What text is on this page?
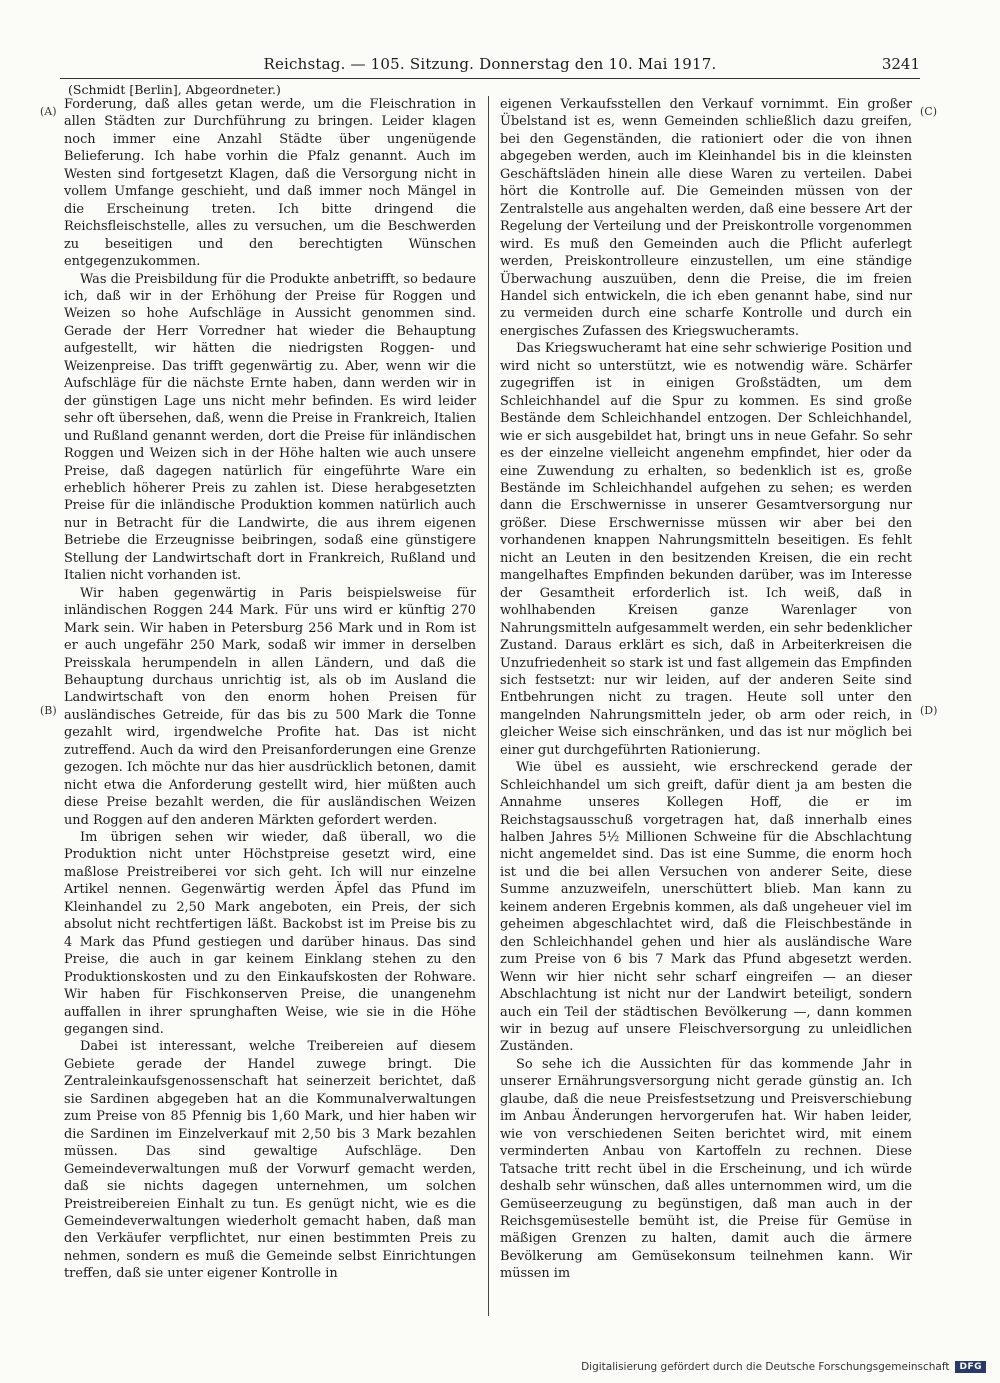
Reichstag. — 105. Sitzung. Donnerstag den 10. Mai 1917.	3241
(Schmidt [Berlin], Abgeordneter.)
(A)
(B)
(C)
(D)

Forderung, daß alles getan werde, um die Fleischration in allen Städten zur Durchführung zu bringen. Leider klagen noch immer eine Anzahl Städte über ungenügende Belieferung. Ich habe vorhin die Pfalz genannt. Auch im Westen sind fortgesetzt Klagen, daß die Versorgung nicht in vollem Umfange geschieht, und daß immer noch Mängel in die Erscheinung treten. Ich bitte dringend die Reichsfleischstelle, alles zu versuchen, um die Beschwerden zu beseitigen und den berechtigten Wünschen entgegenzukommen.

Was die Preisbildung für die Produkte anbetrifft, so bedaure ich, daß wir in der Erhöhung der Preise für Roggen und Weizen so hohe Aufschläge in Aussicht genommen sind. Gerade der Herr Vorredner hat wieder die Behauptung aufgestellt, wir hätten die niedrigsten Roggen- und Weizenpreise. Das trifft gegenwärtig zu. Aber, wenn wir die Aufschläge für die nächste Ernte haben, dann werden wir in der günstigen Lage uns nicht mehr befinden. Es wird leider sehr oft übersehen, daß, wenn die Preise in Frankreich, Italien und Rußland genannt werden, dort die Preise für inländischen Roggen und Weizen sich in der Höhe halten wie auch unsere Preise, daß dagegen natürlich für eingeführte Ware ein erheblich höherer Preis zu zahlen ist. Diese herabgesetzten Preise für die inländische Produktion kommen natürlich auch nur in Betracht für die Landwirte, die aus ihrem eigenen Betriebe die Erzeugnisse beibringen, sodaß eine günstigere Stellung der Landwirtschaft dort in Frankreich, Rußland und Italien nicht vorhanden ist.

Wir haben gegenwärtig in Paris beispielsweise für inländischen Roggen 244 Mark. Für uns wird er künftig 270 Mark sein. Wir haben in Petersburg 256 Mark und in Rom ist er auch ungefähr 250 Mark, sodaß wir immer in derselben Preisskala herumpendeln in allen Ländern, und daß die Behauptung durchaus unrichtig ist, als ob im Ausland die Landwirtschaft von den enorm hohen Preisen für ausländisches Getreide, für das bis zu 500 Mark die Tonne gezahlt wird, irgendwelche Profite hat. Das ist nicht zutreffend. Auch da wird den Preisanforderungen eine Grenze gezogen. Ich möchte nur das hier ausdrücklich betonen, damit nicht etwa die Anforderung gestellt wird, hier müßten auch diese Preise bezahlt werden, die für ausländischen Weizen und Roggen auf den anderen Märkten gefordert werden.

Im übrigen sehen wir wieder, daß überall, wo die Produktion nicht unter Höchstpreise gesetzt wird, eine maßlose Preistreiberei vor sich geht. Ich will nur einzelne Artikel nennen. Gegenwärtig werden Äpfel das Pfund im Kleinhandel zu 2,50 Mark angeboten, ein Preis, der sich absolut nicht rechtfertigen läßt. Backobst ist im Preise bis zu 4 Mark das Pfund gestiegen und darüber hinaus. Das sind Preise, die auch in gar keinem Einklang stehen zu den Produktionskosten und zu den Einkaufskosten der Rohware. Wir haben für Fischkonserven Preise, die unangenehm auffallen in ihrer sprunghaften Weise, wie sie in die Höhe gegangen sind.

Dabei ist interessant, welche Treibereien auf diesem Gebiete gerade der Handel zuwege bringt. Die Zentraleinkaufsgenossenschaft hat seinerzeit berichtet, daß sie Sardinen abgegeben hat an die Kommunalverwaltungen zum Preise von 85 Pfennig bis 1,60 Mark, und hier haben wir die Sardinen im Einzelverkauf mit 2,50 bis 3 Mark bezahlen müssen. Das sind gewaltige Aufschläge. Den Gemeindeverwaltungen muß der Vorwurf gemacht werden, daß sie nichts dagegen unternehmen, um solchen Preistreibereien Einhalt zu tun. Es genügt nicht, wie es die Gemeindeverwaltungen wiederholt gemacht haben, daß man den Verkäufer verpflichtet, nur einen bestimmten Preis zu nehmen, sondern es muß die Gemeinde selbst Einrichtungen treffen, daß sie unter eigener Kontrolle in

eigenen Verkaufsstellen den Verkauf vornimmt. Ein großer Übelstand ist es, wenn Gemeinden schließlich dazu greifen, bei den Gegenständen, die rationiert oder die von ihnen abgegeben werden, auch im Kleinhandel bis in die kleinsten Geschäftsläden hinein alle diese Waren zu verteilen. Dabei hört die Kontrolle auf. Die Gemeinden müssen von der Zentralstelle aus angehalten werden, daß eine bessere Art der Regelung der Verteilung und der Preiskontrolle vorgenommen wird. Es muß den Gemeinden auch die Pflicht auferlegt werden, Preiskontrolleure einzustellen, um eine ständige Überwachung auszuüben, denn die Preise, die im freien Handel sich entwickeln, die ich eben genannt habe, sind nur zu vermeiden durch eine scharfe Kontrolle und durch ein energisches Zufassen des Kriegswucheramts.

Das Kriegswucheramt hat eine sehr schwierige Position und wird nicht so unterstützt, wie es notwendig wäre. Schärfer zugegriffen ist in einigen Großstädten, um dem Schleichhandel auf die Spur zu kommen. Es sind große Bestände dem Schleichhandel entzogen. Der Schleichhandel, wie er sich ausgebildet hat, bringt uns in neue Gefahr. So sehr es der einzelne vielleicht angenehm empfindet, hier oder da eine Zuwendung zu erhalten, so bedenklich ist es, große Bestände im Schleichhandel aufgehen zu sehen; es werden dann die Erschwernisse in unserer Gesamtversorgung nur größer. Diese Erschwernisse müssen wir aber bei den vorhandenen knappen Nahrungsmitteln beseitigen. Es fehlt nicht an Leuten in den besitzenden Kreisen, die ein recht mangelhaftes Empfinden bekunden darüber, was im Interesse der Gesamtheit erforderlich ist. Ich weiß, daß in wohlhabenden Kreisen ganze Warenlager von Nahrungsmitteln aufgesammelt werden, ein sehr bedenklicher Zustand. Daraus erklärt es sich, daß in Arbeiterkreisen die Unzufriedenheit so stark ist und fast allgemein das Empfinden sich festsetzt: nur wir leiden, auf der anderen Seite sind Entbehrungen nicht zu tragen. Heute soll unter den mangelnden Nahrungsmitteln jeder, ob arm oder reich, in gleicher Weise sich einschränken, und das ist nur möglich bei einer gut durchgeführten Rationierung.

Wie übel es aussieht, wie erschreckend gerade der Schleichhandel um sich greift, dafür dient ja am besten die Annahme unseres Kollegen Hoff, die er im Reichstagsausschuß vorgetragen hat, daß innerhalb eines halben Jahres 5½ Millionen Schweine für die Abschlachtung nicht angemeldet sind. Das ist eine Summe, die enorm hoch ist und die bei allen Versuchen von anderer Seite, diese Summe anzuzweifeln, unerschüttert blieb. Man kann zu keinem anderen Ergebnis kommen, als daß ungeheuer viel im geheimen abgeschlachtet wird, daß die Fleischbestände in den Schleichhandel gehen und hier als ausländische Ware zum Preise von 6 bis 7 Mark das Pfund abgesetzt werden. Wenn wir hier nicht sehr scharf eingreifen — an dieser Abschlachtung ist nicht nur der Landwirt beteiligt, sondern auch ein Teil der städtischen Bevölkerung —, dann kommen wir in bezug auf unsere Fleischversorgung zu unleidlichen Zuständen.

So sehe ich die Aussichten für das kommende Jahr in unserer Ernährungsversorgung nicht gerade günstig an. Ich glaube, daß die neue Preisfestsetzung und Preisverschiebung im Anbau Änderungen hervorgerufen hat. Wir haben leider, wie von verschiedenen Seiten berichtet wird, mit einem verminderten Anbau von Kartoffeln zu rechnen. Diese Tatsache tritt recht übel in die Erscheinung, und ich würde deshalb sehr wünschen, daß alles unternommen wird, um die Gemüseerzeugung zu begünstigen, daß man auch in der Reichsgemüsestelle bemüht ist, die Preise für Gemüse in mäßigen Grenzen zu halten, damit auch die ärmere Bevölkerung am Gemüsekonsum teilnehmen kann. Wir müssen im

Digitalisierung gefördert durch die Deutsche Forschungsgemeinschaft	DFG
